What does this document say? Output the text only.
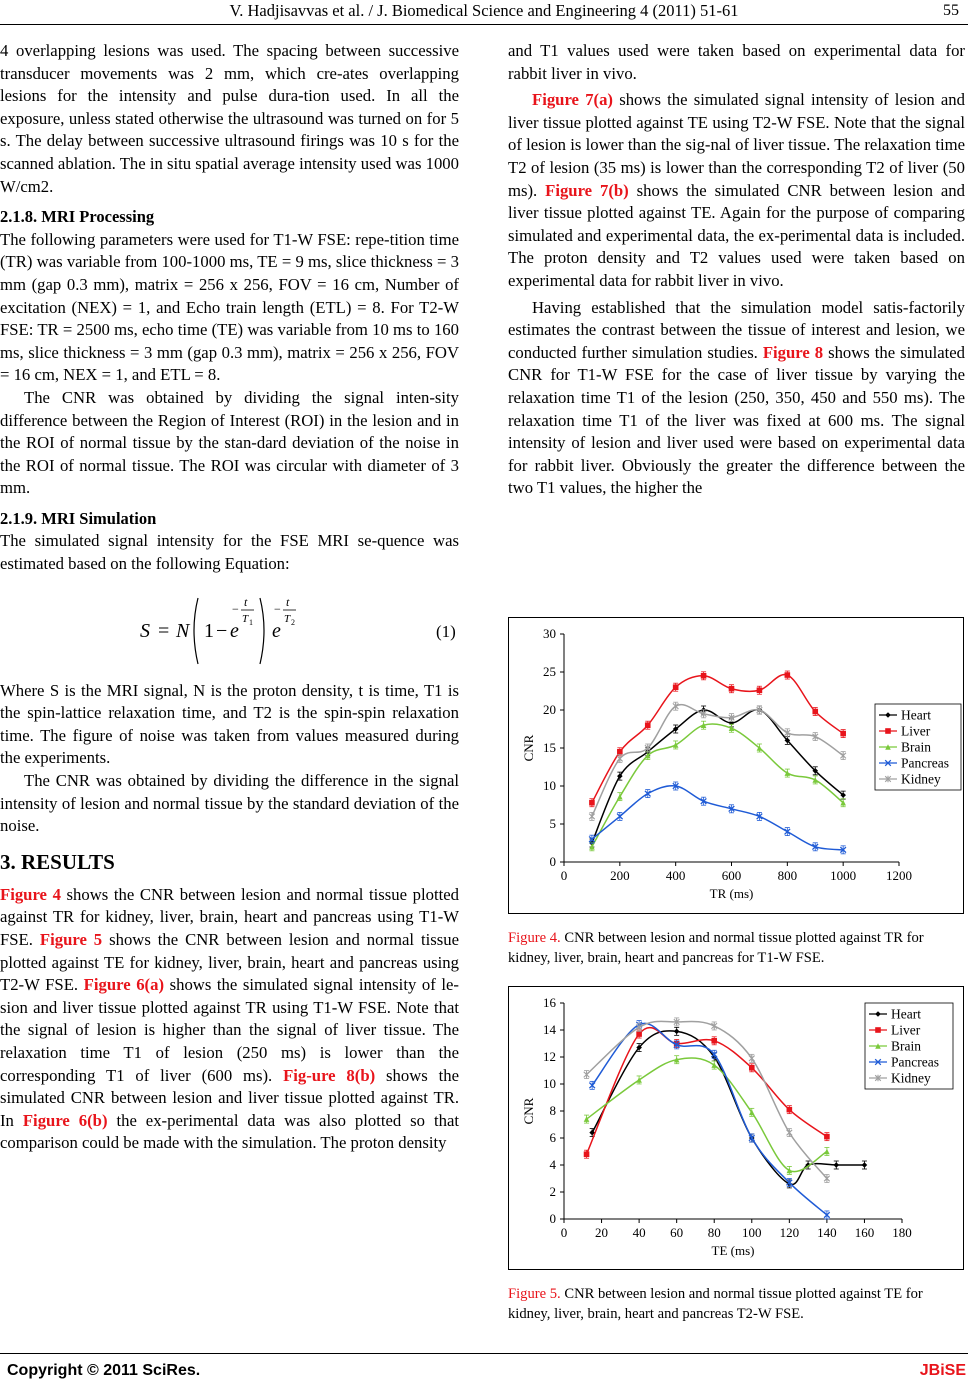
V. Hadjisavvas et al. / J. Biomedical Science and Engineering 4 (2011) 51-61	55

4 overlapping lesions was used. The spacing between successive transducer movements was 2 mm, which cre-ates overlapping lesions for the intensity and pulse dura-tion used. In all the exposure, unless stated otherwise the ultrasound was turned on for 5 s. The delay between successive ultrasound firings was 10 s for the scanned ablation. The in situ spatial average intensity used was 1000 W/cm2.

2.1.8. MRI Processing

The following parameters were used for T1-W FSE: repe-tition time (TR) was variable from 100-1000 ms, TE = 9 ms, slice thickness = 3 mm (gap 0.3 mm), matrix = 256 x 256, FOV = 16 cm, Number of excitation (NEX) = 1, and Echo train length (ETL) = 8. For T2-W FSE: TR = 2500 ms, echo time (TE) was variable from 10 ms to 160 ms, slice thickness = 3 mm (gap 0.3 mm), matrix = 256 x 256, FOV = 16 cm, NEX = 1, and ETL = 8.

The CNR was obtained by dividing the signal inten-sity difference between the Region of Interest (ROI) in the lesion and in the ROI of normal tissue by the stan-dard deviation of the noise in the ROI of normal tissue. The ROI was circular with diameter of 3 mm.

2.1.9. MRI Simulation

The simulated signal intensity for the FSE MRI se-quence was estimated based on the following Equation:

S = N 1 − e
− t
T 1 e
− t
T 2	(1)

Where S is the MRI signal, N is the proton density, t is time, T1 is the spin-lattice relaxation time, and T2 is the spin-spin relaxation time. The figure of noise was taken from values measured during the experiments.

The CNR was obtained by dividing the difference in the signal intensity of lesion and normal tissue by the standard deviation of the noise.

3. RESULTS

Figure 4 shows the CNR between lesion and normal tissue plotted against TR for kidney, liver, brain, heart and pancreas using T1-W FSE. Figure 5 shows the CNR between lesion and normal tissue plotted against TE for kidney, liver, brain, heart and pancreas using T2-W FSE. Figure 6(a) shows the simulated signal intensity of le-sion and liver tissue plotted against TR using T1-W FSE. Note that the signal of lesion is higher than the signal of liver tissue. The relaxation time T1 of lesion (250 ms) is lower than the corresponding T1 of liver (600 ms). Fig-ure 8(b) shows the simulated CNR between lesion and liver tissue plotted against TR. In Figure 6(b) the ex-perimental data was also plotted so that comparison could be made with the simulation. The proton density

and T1 values used were taken based on experimental data for rabbit liver in vivo.

Figure 7(a) shows the simulated signal intensity of lesion and liver tissue plotted against TE using T2-W FSE. Note that the signal of lesion is lower than the sig-nal of liver tissue. The relaxation time T2 of lesion (35 ms) is lower than the corresponding T2 of liver (50 ms). Figure 7(b) shows the simulated CNR between lesion and liver tissue plotted against TE. Again for the purpose of comparing simulated and experimental data, the ex-perimental data is included. The proton density and T2 values used were taken based on experimental data for rabbit liver in vivo.

Having established that the simulation model satis-factorily estimates the contrast between the tissue of interest and lesion, we conducted further simulation studies. Figure 8 shows the simulated CNR for T1-W FSE for the case of liver tissue by varying the relaxation time T1 of the lesion (250, 350, 450 and 550 ms). The relaxation time T1 of the liver was fixed at 600 ms. The signal intensity of lesion and liver used were based on experimental data for rabbit liver. Obviously the greater the difference between the two T1 values, the higher the

0
5
10
15
20
25
30
0	200	400	600	800	1000 1200
TR (ms)
CNR
Heart
Liver
Brain
Pancreas
Kidney
Figure 4. CNR between lesion and normal tissue plotted against TR for kidney, liver, brain, heart and pancreas for T1-W FSE.
0
2
4
6
8
10
12
14
16
0 20 40 60 80 100 120 140 160 180
TE (ms)
CNR
Heart
Liver
Brain
Pancreas
Kidney
Figure 5. CNR between lesion and normal tissue plotted against TE for kidney, liver, brain, heart and pancreas T2-W FSE.
Copyright © 2011 SciRes.	JBiSE
